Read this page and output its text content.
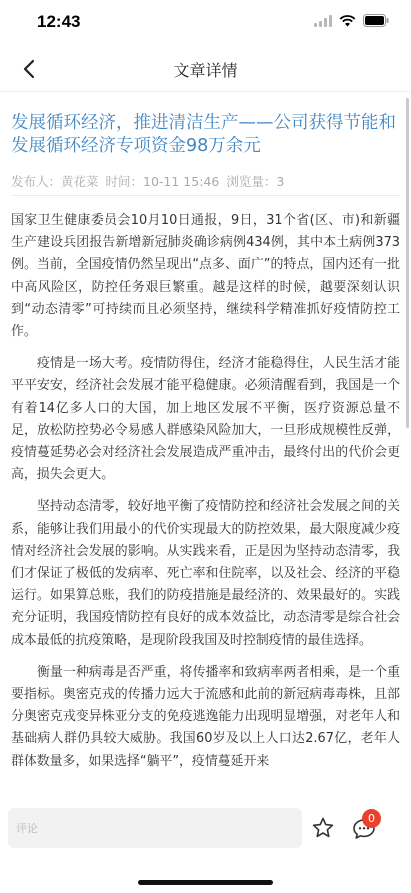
12:43
文章详情
发展循环经济，推进清洁生产——公司获得节能和发展循环经济专项资金98万余元
发布人：黄花菜 时间：10-11 15:46 浏览量：3

国家卫生健康委员会10月10日通报，9日，31个省(区、市)和新疆生产建设兵团报告新增新冠肺炎确诊病例434例，其中本土病例373例。当前，全国疫情仍然呈现出“点多、面广”的特点，国内还有一批中高风险区，防控任务艰巨繁重。越是这样的时候，越要深刻认识到“动态清零”可持续而且必须坚持，继续科学精准抓好疫情防控工作。

　　疫情是一场大考。疫情防得住，经济才能稳得住，人民生活才能平平安安，经济社会发展才能平稳健康。必须清醒看到，我国是一个有着14亿多人口的大国，加上地区发展不平衡，医疗资源总量不足，放松防控势必令易感人群感染风险加大，一旦形成规模性反弹，疫情蔓延势必会对经济社会发展造成严重冲击，最终付出的代价会更高，损失会更大。

　　坚持动态清零，较好地平衡了疫情防控和经济社会发展之间的关系，能够让我们用最小的代价实现最大的防控效果，最大限度减少疫情对经济社会发展的影响。从实践来看，正是因为坚持动态清零，我们才保证了极低的发病率、死亡率和住院率，以及社会、经济的平稳运行。如果算总账，我们的防疫措施是最经济的、效果最好的。实践充分证明，我国疫情防控有良好的成本效益比，动态清零是综合社会成本最低的抗疫策略，是现阶段我国及时控制疫情的最佳选择。

　　衡量一种病毒是否严重，将传播率和致病率两者相乘，是一个重要指标。奥密克戎的传播力远大于流感和此前的新冠病毒毒株，且部分奥密克戎变异株亚分支的免疫逃逸能力出现明显增强，对老年人和基础病人群仍具较大威胁。我国60岁及以上人口达2.67亿，老年人群体数量多，如果选择“躺平”，疫情蔓延开来

评论
0
